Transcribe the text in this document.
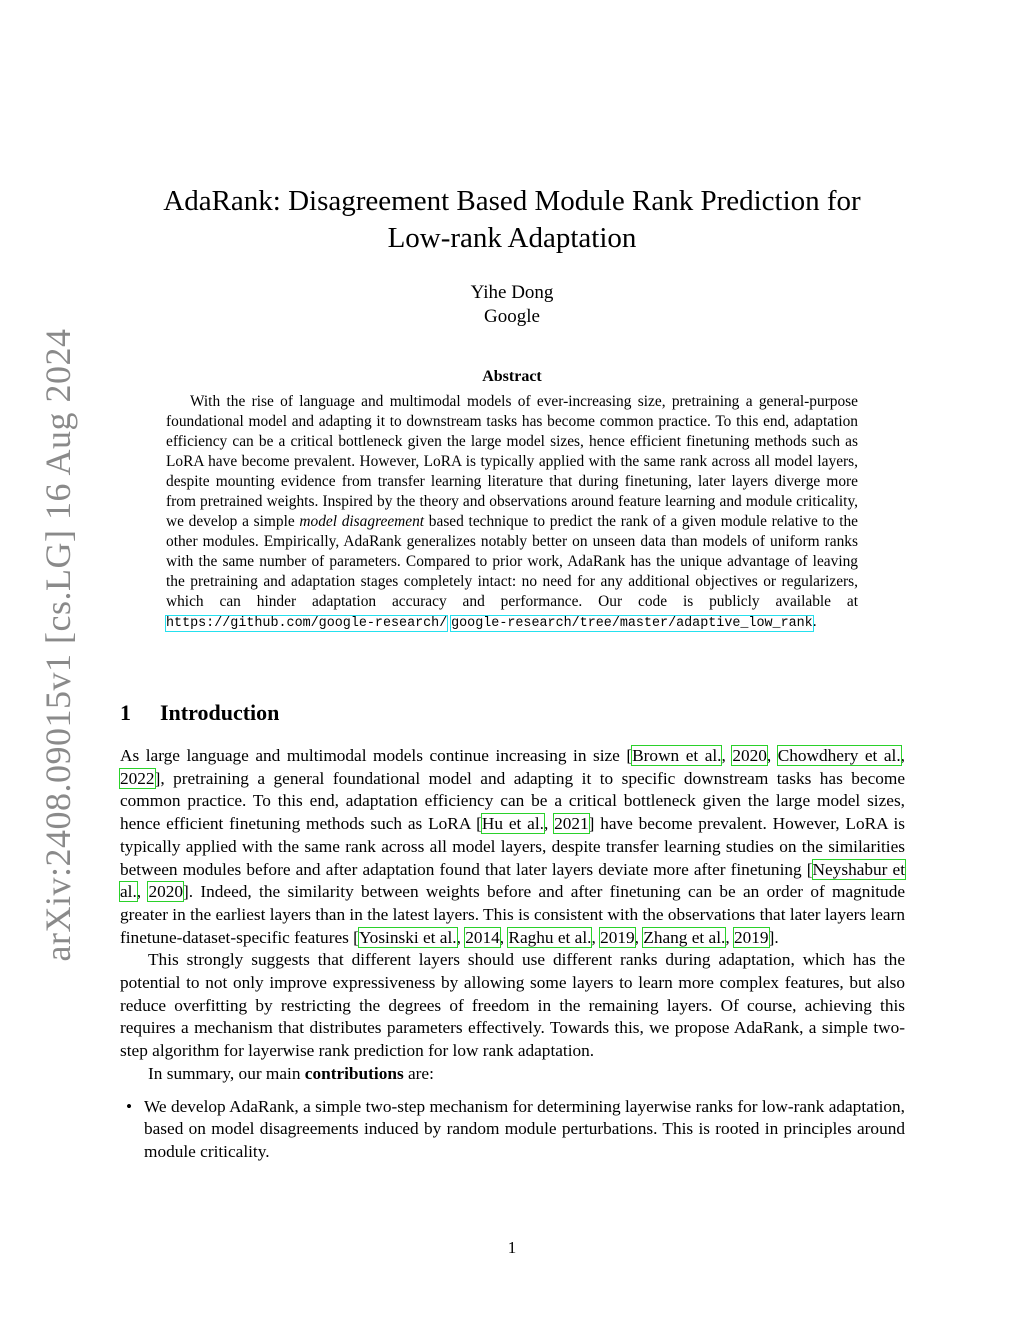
arXiv:2408.09015v1 [cs.LG] 16 Aug 2024
AdaRank: Disagreement Based Module Rank Prediction for
Low-rank Adaptation
Yihe Dong
Google
Abstract
With the rise of language and multimodal models of ever-increasing size, pretraining a general-purpose foundational model and adapting it to downstream tasks has become common practice. To this end, adaptation efficiency can be a critical bottleneck given the large model sizes, hence efficient finetuning methods such as LoRA have become prevalent. However, LoRA is typically applied with the same rank across all model layers, despite mounting evidence from transfer learning literature that during finetuning, later layers diverge more from pretrained weights. Inspired by the theory and observations around feature learning and module criticality, we develop a simple model disagreement based technique to predict the rank of a given module relative to the other modules. Empirically, AdaRank generalizes notably better on unseen data than models of uniform ranks with the same number of parameters. Compared to prior work, AdaRank has the unique advantage of leaving the pretraining and adaptation stages completely intact: no need for any additional objectives or regularizers, which can hinder adaptation accuracy and performance. Our code is publicly available at https://github.com/google-research/ google-research/tree/master/adaptive_low_rank.
1 Introduction

As large language and multimodal models continue increasing in size [Brown et al., 2020, Chowdhery et al., 2022], pretraining a general foundational model and adapting it to specific downstream tasks has become common practice. To this end, adaptation efficiency can be a critical bottleneck given the large model sizes, hence efficient finetuning methods such as LoRA [Hu et al., 2021] have become prevalent. However, LoRA is typically applied with the same rank across all model layers, despite transfer learning studies on the similarities between modules before and after adaptation found that later layers deviate more after finetuning [Neyshabur et al., 2020]. Indeed, the similarity between weights before and after finetuning can be an order of magnitude greater in the earliest layers than in the latest layers. This is consistent with the observations that later layers learn finetune-dataset-specific features [Yosinski et al., 2014, Raghu et al., 2019, Zhang et al., 2019].

This strongly suggests that different layers should use different ranks during adaptation, which has the potential to not only improve expressiveness by allowing some layers to learn more complex features, but also reduce overfitting by restricting the degrees of freedom in the remaining layers. Of course, achieving this requires a mechanism that distributes parameters effectively. Towards this, we propose AdaRank, a simple two-step algorithm for layerwise rank prediction for low rank adaptation.

In summary, our main contributions are:

• We develop AdaRank, a simple two-step mechanism for determining layerwise ranks for low-rank adaptation, based on model disagreements induced by random module perturbations. This is rooted in principles around module criticality.
1
